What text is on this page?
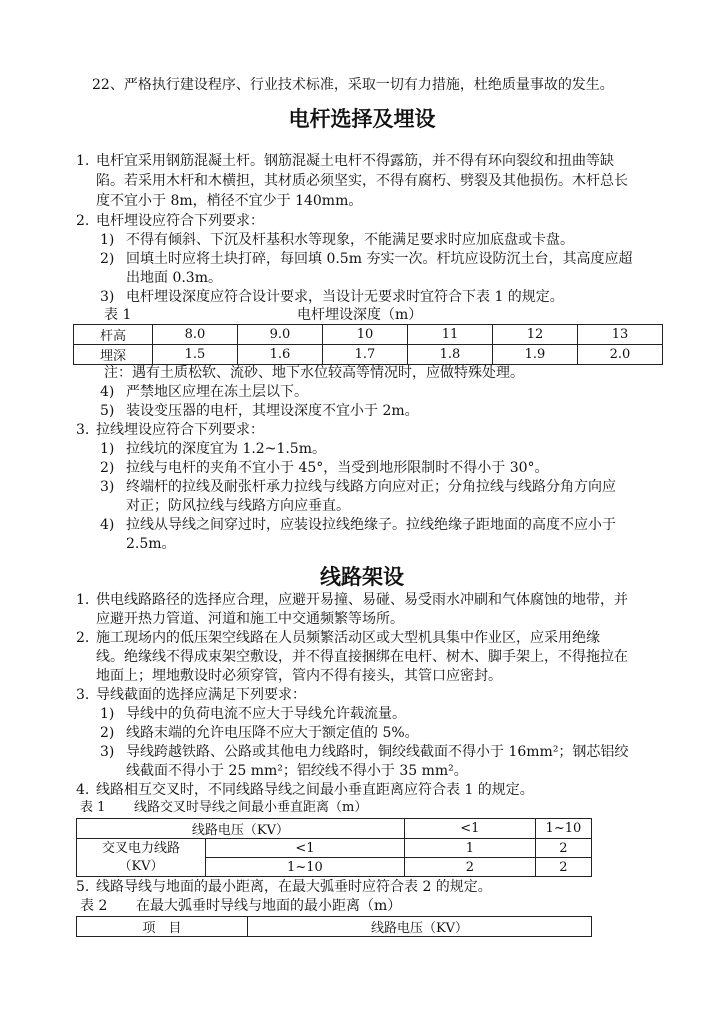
22、严格执行建设程序、行业技术标准，采取一切有力措施，杜绝质量事故的发生。
电杆选择及埋设
1. 电杆宜采用钢筋混凝土杆。钢筋混凝土电杆不得露筋，并不得有环向裂纹和扭曲等缺
陷。若采用木杆和木横担，其材质必须坚实，不得有腐朽、劈裂及其他损伤。木杆总长
度不宜小于 8m，梢径不宜少于 140mm。
2. 电杆埋设应符合下列要求：
1) 不得有倾斜、下沉及杆基积水等现象，不能满足要求时应加底盘或卡盘。
2) 回填土时应将土块打碎，每回填 0.5m 夯实一次。杆坑应设防沉土台，其高度应超
出地面 0.3m。
3) 电杆埋设深度应符合设计要求，当设计无要求时宜符合下表 1 的规定。
表 1	电杆埋设深度（m）
杆高	8.0	9.0	10	11	12	13
埋深	1.5	1.6	1.7	1.8	1.9	2.0
注：遇有土质松软、流砂、地下水位较高等情况时，应做特殊处理。
4) 严禁地区应埋在冻土层以下。
5) 装设变压器的电杆，其埋设深度不宜小于 2m。
3. 拉线埋设应符合下列要求：
1) 拉线坑的深度宜为 1.2~1.5m。
2) 拉线与电杆的夹角不宜小于 45°，当受到地形限制时不得小于 30°。
3) 终端杆的拉线及耐张杆承力拉线与线路方向应对正；分角拉线与线路分角方向应
对正；防风拉线与线路方向应垂直。
4) 拉线从导线之间穿过时，应装设拉线绝缘子。拉线绝缘子距地面的高度不应小于
2.5m。
线路架设
1. 供电线路路径的选择应合理，应避开易撞、易碰、易受雨水冲刷和气体腐蚀的地带，并
应避开热力管道、河道和施工中交通频繁等场所。
2. 施工现场内的低压架空线路在人员频繁活动区或大型机具集中作业区，应采用绝缘
线。绝缘线不得成束架空敷设，并不得直接捆绑在电杆、树木、脚手架上，不得拖拉在
地面上；埋地敷设时必须穿管，管内不得有接头，其管口应密封。
3. 导线截面的选择应满足下列要求：
1) 导线中的负荷电流不应大于导线允许载流量。
2) 线路末端的允许电压降不应大于额定值的 5%。
3) 导线跨越铁路、公路或其他电力线路时，铜绞线截面不得小于 16mm²；钢芯铝绞
线截面不得小于 25 mm²；铝绞线不得小于 35 mm²。
4. 线路相互交叉时，不同线路导线之间最小垂直距离应符合表 1 的规定。
表 1 线路交叉时导线之间最小垂直距离（m）
线路电压（KV）		<1	1~10

交叉电力线路
（KV）	<1	1	2
	1~10	2	2
5. 线路导线与地面的最小距离，在最大弧垂时应符合表 2 的规定。
表 2 在最大弧垂时导线与地面的最小距离（m）
项　目	线路电压（KV）
